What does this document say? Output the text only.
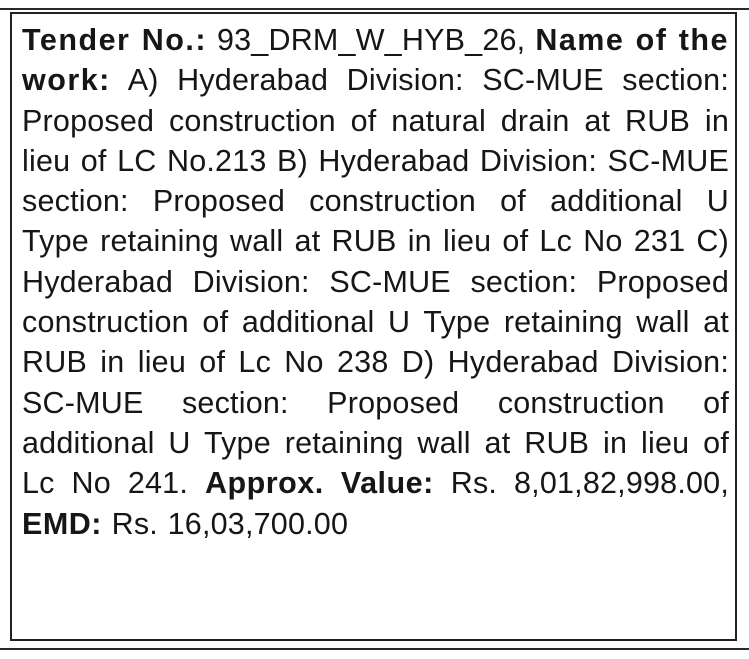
Tender No.: 93_DRM_W_HYB_26, Name of the work: A) Hyderabad Division: SC-MUE section: Proposed construction of natural drain at RUB in lieu of LC No.213 B) Hyderabad Division: SC-MUE section: Proposed construction of additional U Type retaining wall at RUB in lieu of Lc No 231 C) Hyderabad Division: SC-MUE section: Proposed construction of additional U Type retaining wall at RUB in lieu of Lc No 238 D) Hyderabad Division: SC-MUE section: Proposed construction of additional U Type retaining wall at RUB in lieu of Lc No 241. Approx. Value: Rs. 8,01,82,998.00, EMD: Rs. 16,03,700.00
